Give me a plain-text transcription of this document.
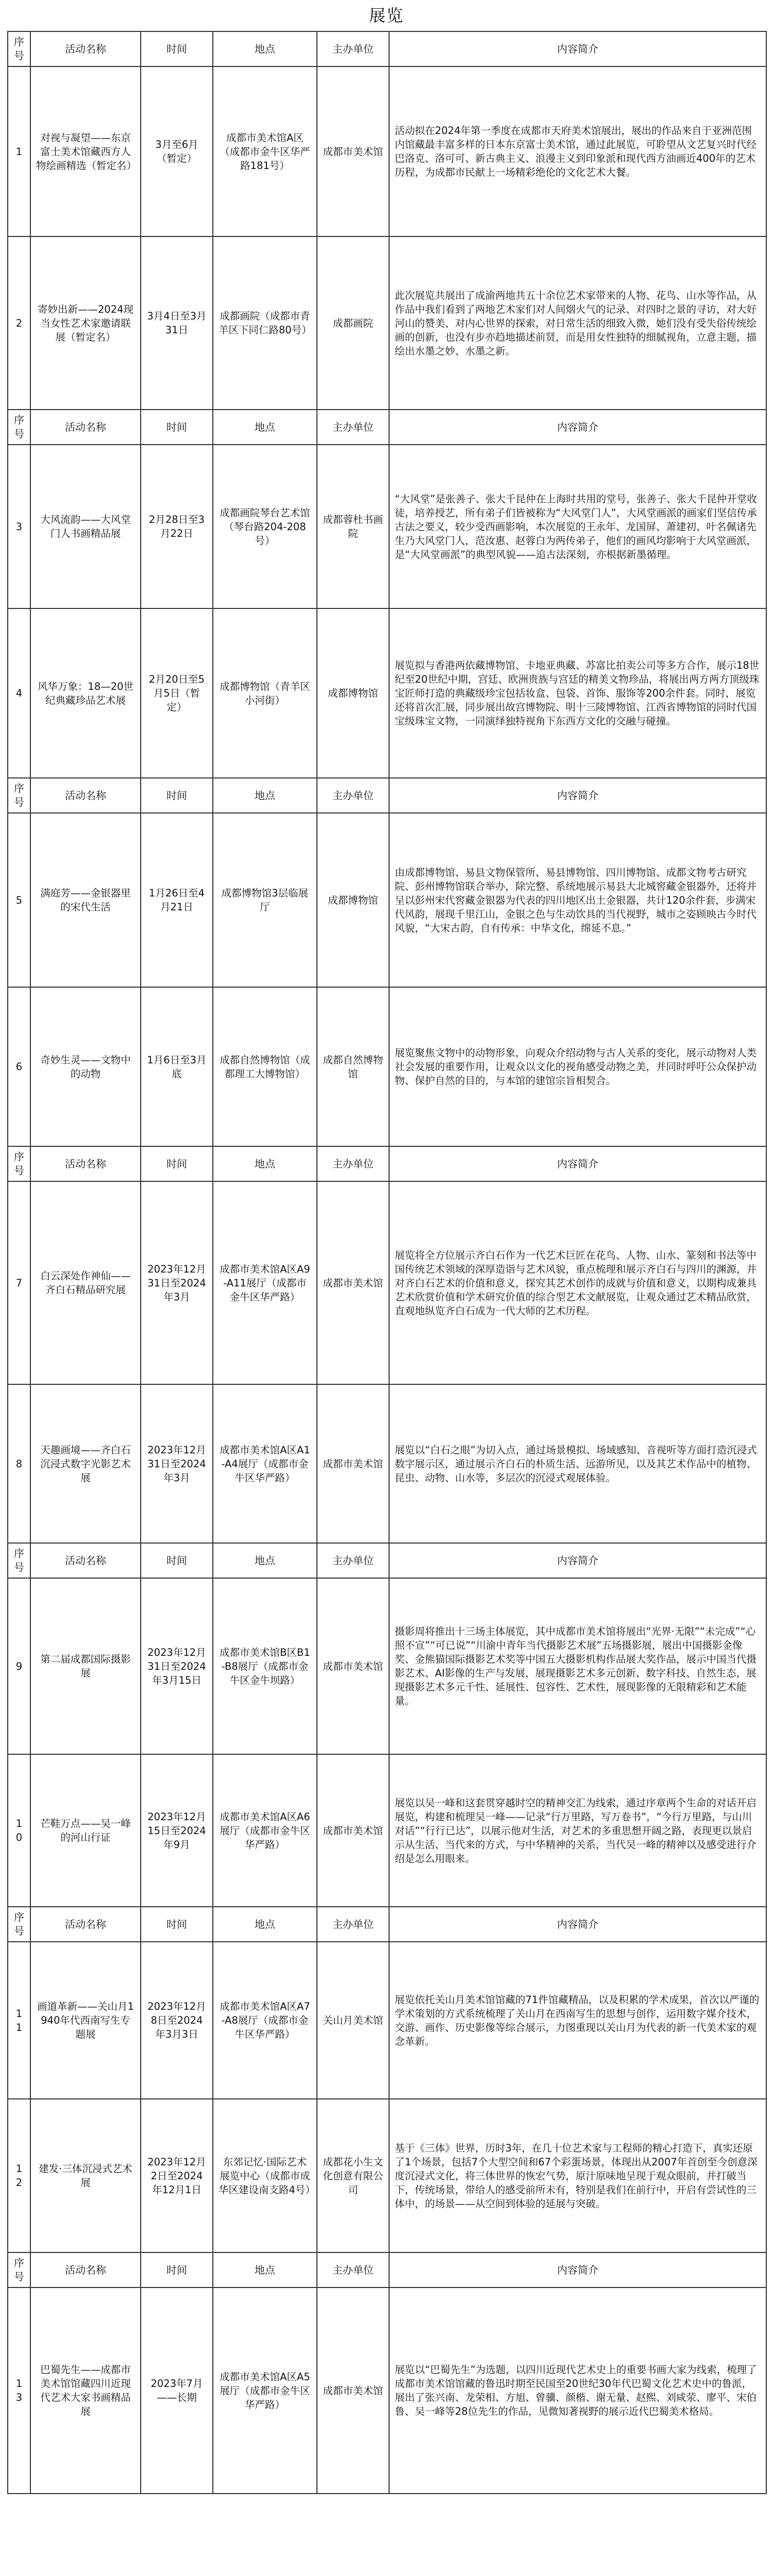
展览
序号	活动名称	时间	地点	主办单位	内容简介
1	对视与凝望——东京富士美术馆藏西方人物绘画精选（暂定名）	3月至6月（暂定）	成都市美术馆A区（成都市金牛区华严路181号）	成都市美术馆	活动拟在2024年第一季度在成都市天府美术馆展出，展出的作品来自于亚洲范围内馆藏最丰富多样的日本东京富士美术馆，通过此展览，可聆望从文艺复兴时代经巴洛克、洛可可、新古典主义、浪漫主义到印象派和现代西方油画近400年的艺术历程，为成都市民献上一场精彩绝伦的文化艺术大餐。
2	寄妙出新——2024现当女性艺术家邀请联展（暂定名）	3月4日至3月31日	成都画院（成都市青羊区下同仁路80号）	成都画院	此次展览共展出了成渝两地共五十余位艺术家带来的人物、花鸟、山水等作品，从作品中我们看到了两地艺术家们对人间烟火气的记录、对四时之景的寻访，对大好河山的赞美、对内心世界的探索，对日常生活的细致入微，她们没有受失俗传统绘画的创新，也没有步亦趋地描述前贤，而是用女性独特的细腻视角，立意主题，描绘出水墨之妙、水墨之新。
序号	活动名称	时间	地点	主办单位	内容简介
3	大风流韵——大风堂门人书画精品展	2月28日至3月22日	成都画院琴台艺术馆（琴台路204-208号）	成都蓉杜书画院	“大风堂”是张善子、张大千昆仲在上海时共用的堂号，张善子、张大千昆仲开堂收徒，培养授艺，所有弟子们皆被称为“大风堂门人”，大风堂画派的画家们坚信传承古法之要义，较少受西画影响，本次展览的王永年、龙国屏、萧建初、叶名佩诸先生乃大风堂门人，范汝惠、赵蓉白为两传弟子，他们的画风均影响于大风堂画派，是“大风堂画派”的典型风貌——追古法深刻，亦根据新墨循理。
4	风华万象：18—20世纪典藏珍品艺术展	2月20日至5月5日（暂定）	成都博物馆（青羊区小河街）	成都博物馆	展览拟与香港两依藏博物馆、卡地亚典藏、苏富比拍卖公司等多方合作，展示18世纪至20世纪中期，宫廷、欧洲贵族与宫廷的精美文物珍品，将展出两方两方顶级珠宝匠师打造的典藏级珍宝包括妆盒、包袋、首饰、服饰等200余件套。同时，展览还将首次汇展，同步展出故宫博物院、明十三陵博物馆、江西省博物馆的同时代国宝级珠宝文物，一同演绎独特视角下东西方文化的交融与碰撞。
序号	活动名称	时间	地点	主办单位	内容简介
5	满庭芳——金银器里的宋代生活	1月26日至4月21日	成都博物馆3层临展厅	成都博物馆	由成都博物馆、易县文物保管所、易县博物馆、四川博物馆、成都文物考古研究院、彭州博物馆联合举办，除完整、系统地展示易县大北城窖藏金银器外，还将并呈以彭州宋代窖藏金银器为代表的四川地区出土金银器，共计120余件套，步满宋代风韵，展现千里江山，金银之色与生动饮具的当代视野，城市之姿顾映古今时代风貌，“大宋古韵，自有传承：中华文化，绵延不息。”
6	奇妙生灵——文物中的动物	1月6日至3月底	成都自然博物馆（成都理工大博物馆）	成都自然博物馆	展览聚焦文物中的动物形象，向观众介绍动物与古人关系的变化，展示动物对人类社会发展的重要作用，让观众以文化的视角感受动物之美，并同时呼吁公众保护动物、保护自然的目的，与本馆的建馆宗旨相契合。
序号	活动名称	时间	地点	主办单位	内容简介
7	白云深处作神仙——齐白石精品研究展	2023年12月31日至2024年3月	成都市美术馆A区A9-A11展厅（成都市金牛区华严路）	成都市美术馆	展览将全方位展示齐白石作为一代艺术巨匠在花鸟、人物、山水、篆刻和书法等中国传统艺术领域的深厚造诣与艺术风貌，重点梳理和展示齐白石与四川的渊源，并对齐白石艺术的价值和意义，探究其艺术创作的成就与价值和意义，以期构成兼具艺术欣赏价值和学术研究价值的综合型艺术文献展览，让观众通过艺术精品欣赏，直观地纵览齐白石成为一代大师的艺术历程。
8	天趣画境——齐白石沉浸式数字光影艺术展	2023年12月31日至2024年3月	成都市美术馆A区A1-A4展厅（成都市金牛区华严路）	成都市美术馆	展览以“白石之眼”为切入点，通过场景模拟、场域感知、音视听等方面打造沉浸式数字展示区，通过展示齐白石的朴质生活、远游所见，以及其艺术作品中的植物、昆虫、动物、山水等，多层次的沉浸式观展体验。
序号	活动名称	时间	地点	主办单位	内容简介
9	第二届成都国际摄影展	2023年12月31日至2024年3月15日	成都市美术馆B区B1-B8展厅（成都市金牛区金牛坝路）	成都市美术馆	摄影周将推出十三场主体展览，其中成都市美术馆将展出“光界·无限”“未完成”“心照不宣”“可已说”“川渝中青年当代摄影艺术展”五场摄影展，展出中国摄影金像奖、金熊猫国际摄影艺术奖等中国五大摄影机构作品展大奖作品，展示中国当代摄影艺术、AI影像的生产与发展，展现摄影艺术多元创新、数字科技、自然生态，展现摄影艺术多元千性、延展性、包容性、艺术性，展现影像的无限精彩和艺术能量。
10	芒鞋万点——吴一峰的河山行证	2023年12月15日至2024年9月	成都市美术馆A区A6展厅（成都市金牛区华严路）	成都市美术馆	展览以吴一峰和这套贯穿越时空的精神交汇为线索，通过序章两个生命的对话开启展览，构建和梳理吴一峰——记录“行万里路，写万卷书”，“今行万里路，与山川对话”“行行已达”，以展示他对生活，对艺术的多重思想开阔之路，表现更以景启示从生活、当代来的方式，与中华精神的关系，当代吴一峰的精神以及感受进行介绍是怎么用眼来。
序号	活动名称	时间	地点	主办单位	内容简介
11	画道革新——关山月1940年代西南写生专题展	2023年12月8日至2024年3月3日	成都市美术馆A区A7-A8展厅（成都市金牛区华严路）	关山月美术馆	展览依托关山月美术馆馆藏的71件馆藏精品，以及积累的学术成果，首次以严谨的学术策划的方式系统梳理了关山月在西南写生的思想与创作，运用数字媒介技术，交游、画作、历史影像等综合展示，力图重现以关山月为代表的新一代美术家的观念革新。
12	建发·三体沉浸式艺术展	2023年12月2日至2024年12月1日	东郊记忆·国际艺术展览中心（成都市成华区建设南支路4号）	成都花小生文化创意有限公司	基于《三体》世界，历时3年，在几十位艺术家与工程师的精心打造下，真实还原了1个场景，包括7个大型空间和67个彩蛋场景，体现出从2007年首创至今创意深度沉浸式文化，将三体世界的恢宏气势，原汁原味地呈现于观众眼前，并打破当下，传统场景，带给人的感受前所未有，特别是我们在前行中，开启有尝试性的三体中，的场景——从空间到体验的延展与突破。
序号	活动名称	时间	地点	主办单位	内容简介
13	巴蜀先生——成都市美术馆馆藏四川近现代艺术大家书画精品展	2023年7月——长期	成都市美术馆A区A5展厅（成都市金牛区华严路）	成都市美术馆	展览以“巴蜀先生”为选题，以四川近现代艺术史上的重要书画大家为线索，梳理了成都市美术馆馆藏的鲁迅时期至民国至20世纪30年代巴蜀文化艺术史中的鲁派，展出了张兴南、龙荣相、方旭、曾骥、颜楷、谢无量、赵熙、刘咸荥、廖平、宋伯鲁、吴一峰等28位先生的作品，见微知著视野的展示近代巴蜀美术格局。
